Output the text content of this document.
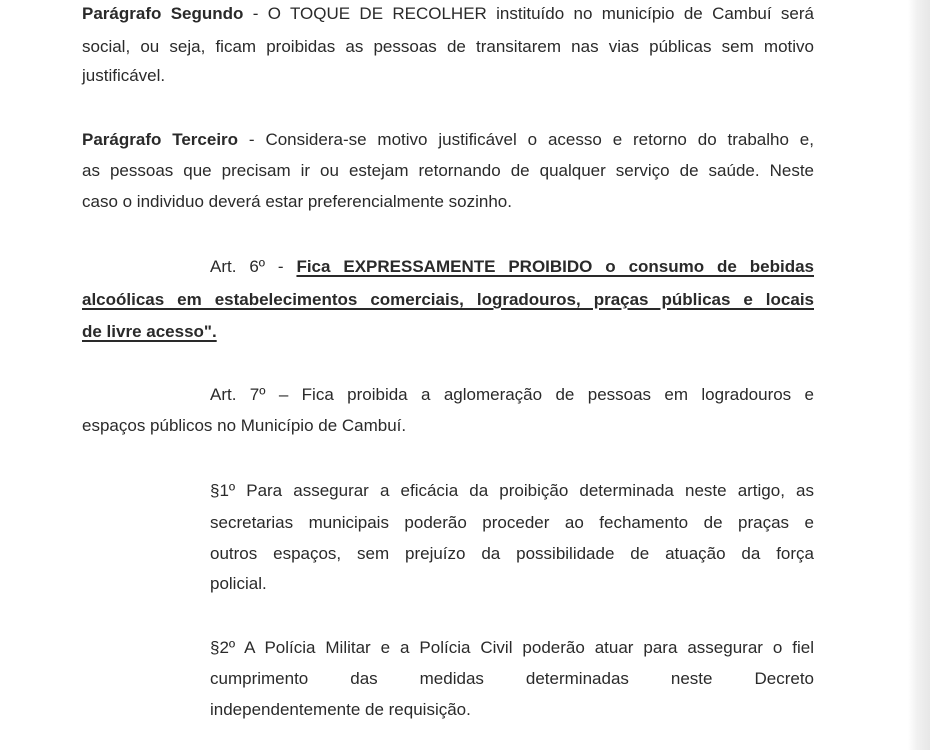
Parágrafo Segundo - O TOQUE DE RECOLHER instituído no município de Cambuí será
social, ou seja, ficam proibidas as pessoas de transitarem nas vias públicas sem motivo
justificável.
Parágrafo Terceiro - Considera-se motivo justificável o acesso e retorno do trabalho e,
as pessoas que precisam ir ou estejam retornando de qualquer serviço de saúde. Neste
caso o individuo deverá estar preferencialmente sozinho.
Art. 6º - Fica EXPRESSAMENTE PROIBIDO o consumo de bebidas
alcoólicas em estabelecimentos comerciais, logradouros, praças públicas e locais
de livre acesso".
Art. 7º – Fica proibida a aglomeração de pessoas em logradouros e
espaços públicos no Município de Cambuí.
§1º Para assegurar a eficácia da proibição determinada neste artigo, as
secretarias municipais poderão proceder ao fechamento de praças e
outros espaços, sem prejuízo da possibilidade de atuação da força
policial.
§2º A Polícia Militar e a Polícia Civil poderão atuar para assegurar o fiel
cumprimento das medidas determinadas neste Decreto
independentemente de requisição.
